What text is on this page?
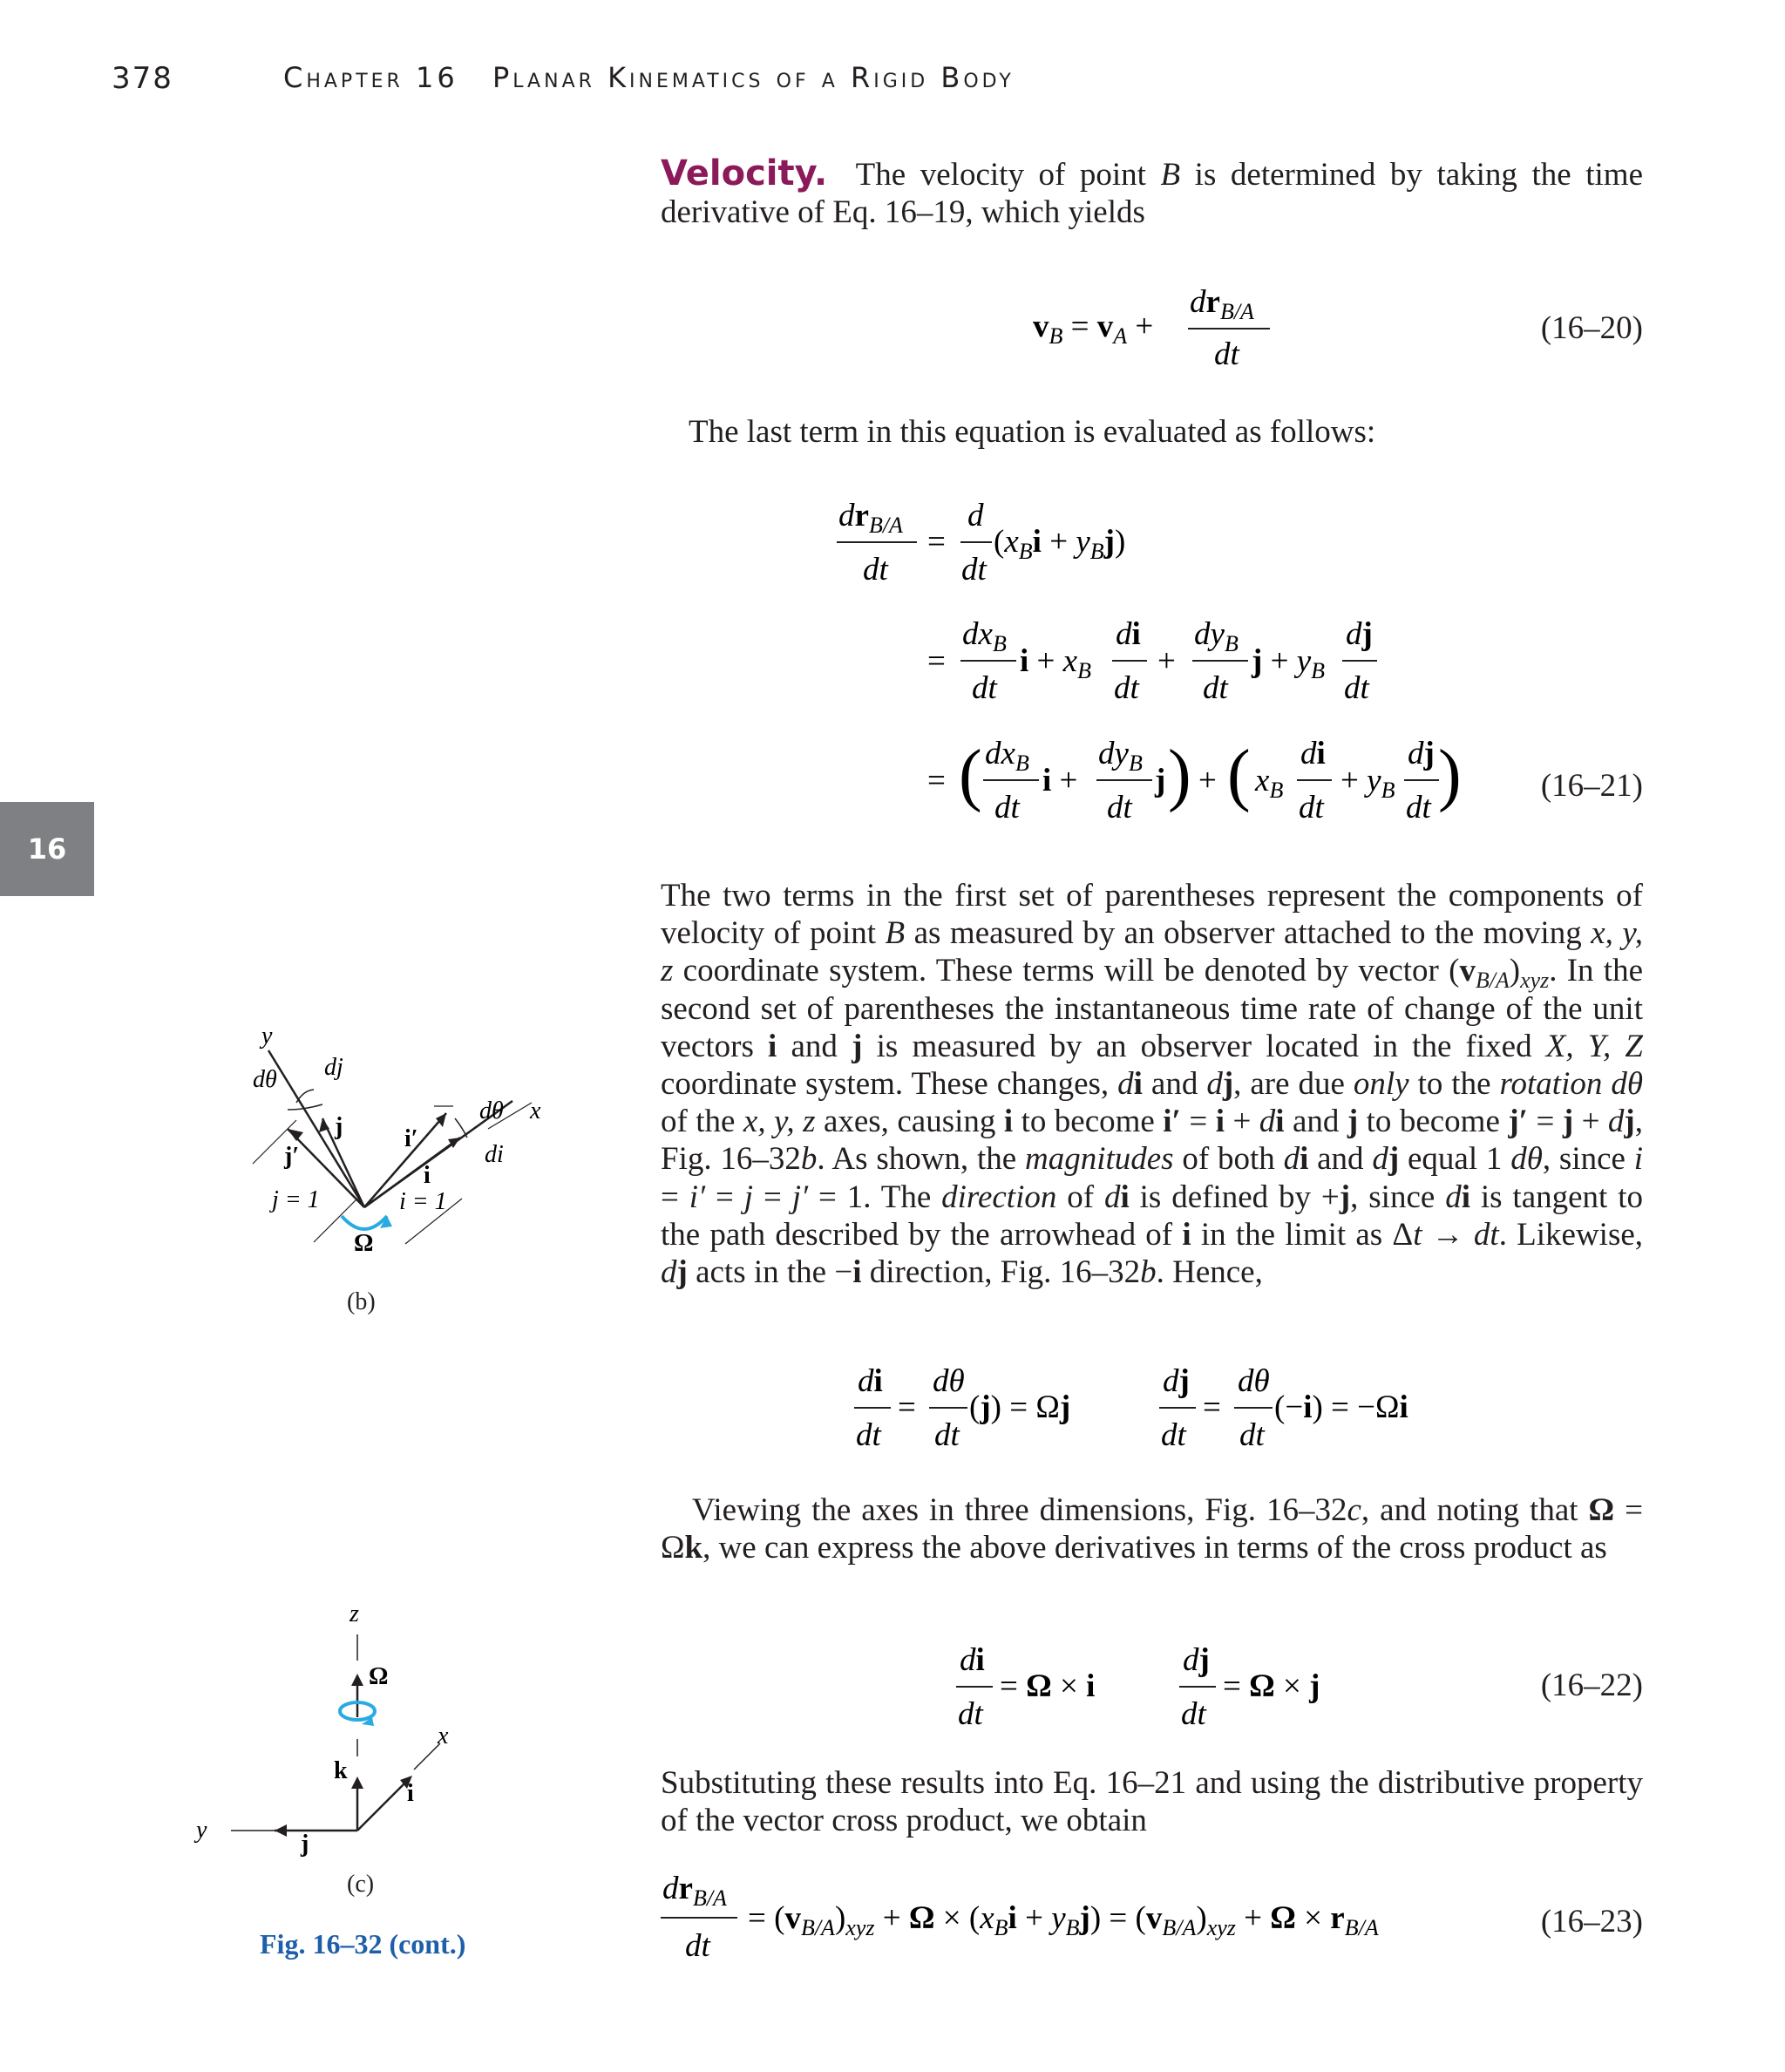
378	Chapter 16 Planar Kinematics of a Rigid Body
16

Velocity.  The velocity of point B is determined by taking the time derivative of Eq. 16–19, which yields

$v_B = v_A$ +
$dr_{B/A}$
dt
(16–20)

The last term in this equation is evaluated as follows:

$dr_{B/A}$
dt
=
d
dt
$(x_Bi + y_Bj)$
=
$dx_B$
dt
$i + x_B$
di
dt
+
$dy_B$
dt
$j + y_B$
dj
dt
= ( $dx_B$
dt
i +
$dy_B$
dt
j ) + ( $x_B$
di
dt
+ $y_B$
dj
dt ) (16–21)

The two terms in the first set of parentheses represent the components of velocity of point B as measured by an observer attached to the moving x, y, z coordinate system. These terms will be denoted by vector $(v_{B/A})_{xyz}$. In the second set of parentheses the instantaneous time rate of change of the unit vectors i and j is measured by an observer located in the fixed X, Y, Z coordinate system. These changes, di and dj, are due only to the rotation dθ of the x, y, z axes, causing i to become i′ = i + di and j to become j′ = j + dj, Fig. 16–32b. As shown, the magnitudes of both di and dj equal 1 dθ, since i = i′ = j = j′ = 1. The direction of di is defined by +j, since di is tangent to the path described by the arrowhead of i in the limit as Δt → dt. Likewise, dj acts in the −i direction, Fig. 16–32b. Hence,

di
dt
=
dθ
dt
(j) = Ωj
dj
dt
=
dθ
dt
(−i) = −Ωi

Viewing the axes in three dimensions, Fig. 16–32c, and noting that Ω = Ωk, we can express the above derivatives in terms of the cross product as

di
dt
= Ω × i
dj
dt
= Ω × j	(16–22)

Substituting these results into Eq. 16–21 and using the distributive property of the vector cross product, we obtain

$dr_{B/A}$
dt
= $(v_{B/A})_{xyz} + \Omega \times (x_Bi + y_Bj) = (v_{B/A})_{xyz} + \Omega \times r_{B/A}$	(16–23)
y
dθ dj
j
j′
j = 1
Ω
i′
dθ x
di
i
i = 1
(b)
z
Ω
x
k
i
y
j
(c)
Fig. 16–32 (cont.)
